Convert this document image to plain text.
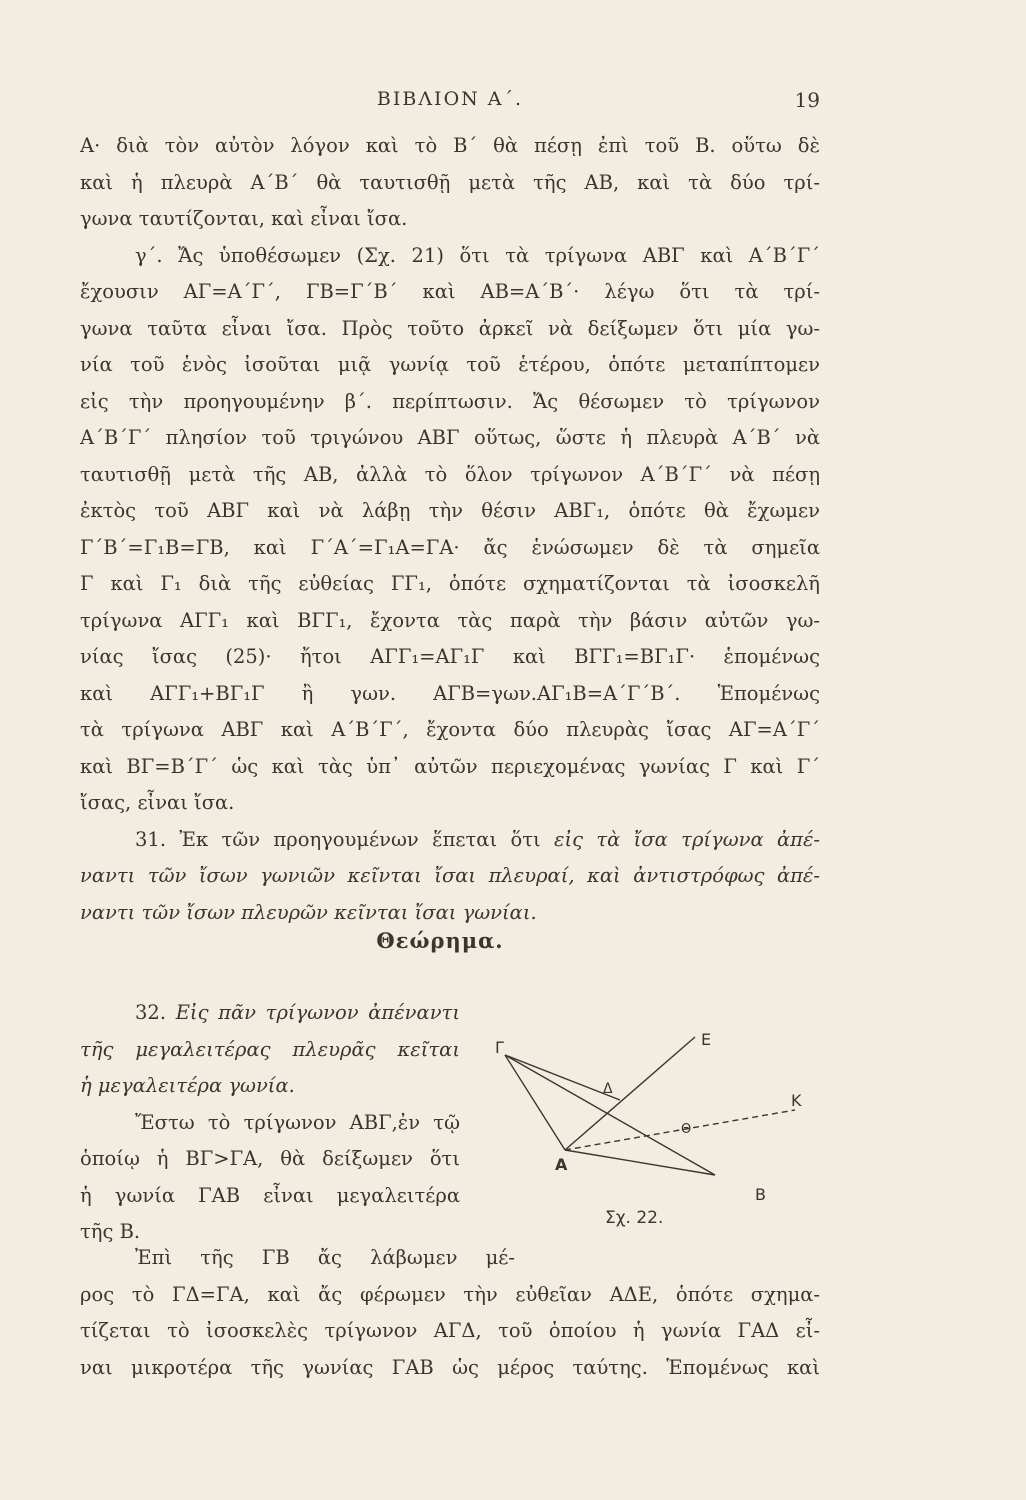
ΒΙΒΛΙΟΝ Α΄.	19
Α· διὰ τὸν αὐτὸν λόγον καὶ τὸ Β΄ θὰ πέσῃ ἐπὶ τοῦ Β. οὕτω δὲ
καὶ ἡ πλευρὰ Α΄Β΄ θὰ ταυτισθῇ μετὰ τῆς ΑΒ, καὶ τὰ δύο τρί-
γωνα ταυτίζονται, καὶ εἶναι ἴσα.
γ΄. Ἄς ὑποθέσωμεν (Σχ. 21) ὅτι τὰ τρίγωνα ΑΒΓ καὶ Α΄Β΄Γ΄
ἔχουσιν ΑΓ=Α΄Γ΄, ΓΒ=Γ΄Β΄ καὶ ΑΒ=Α΄Β΄· λέγω ὅτι τὰ τρί-
γωνα ταῦτα εἶναι ἴσα. Πρὸς τοῦτο ἀρκεῖ νὰ δείξωμεν ὅτι μία γω-
νία τοῦ ἑνὸς ἰσοῦται μιᾷ γωνίᾳ τοῦ ἑτέρου, ὁπότε μεταπίπτομεν
εἰς τὴν προηγουμένην β΄. περίπτωσιν. Ἄς θέσωμεν τὸ τρίγωνον
Α΄Β΄Γ΄ πλησίον τοῦ τριγώνου ΑΒΓ οὕτως, ὥστε ἡ πλευρὰ Α΄Β΄ νὰ
ταυτισθῇ μετὰ τῆς ΑΒ, ἀλλὰ τὸ ὅλον τρίγωνον Α΄Β΄Γ΄ νὰ πέσῃ
ἐκτὸς τοῦ ΑΒΓ καὶ νὰ λάβῃ τὴν θέσιν ΑΒΓ₁, ὁπότε θὰ ἔχωμεν
Γ΄Β΄=Γ₁Β=ΓΒ, καὶ Γ΄Α΄=Γ₁Α=ΓΑ· ἄς ἑνώσωμεν δὲ τὰ σημεῖα
Γ καὶ Γ₁ διὰ τῆς εὐθείας ΓΓ₁, ὁπότε σχηματίζονται τὰ ἰσοσκελῆ
τρίγωνα ΑΓΓ₁ καὶ ΒΓΓ₁, ἔχοντα τὰς παρὰ τὴν βάσιν αὐτῶν γω-
νίας ἴσας (25)· ἤτοι ΑΓΓ₁=ΑΓ₁Γ καὶ ΒΓΓ₁=ΒΓ₁Γ· ἑπομένως
καὶ ΑΓΓ₁+ΒΓ₁Γ ἢ γων. ΑΓΒ=γων.ΑΓ₁Β=Α΄Γ΄Β΄. Ἑπομένως
τὰ τρίγωνα ΑΒΓ καὶ Α΄Β΄Γ΄, ἔχοντα δύο πλευρὰς ἴσας ΑΓ=Α΄Γ΄
καὶ ΒΓ=Β΄Γ΄ ὡς καὶ τὰς ὑπ᾽ αὐτῶν περιεχομένας γωνίας Γ καὶ Γ΄
ἴσας, εἶναι ἴσα.
31. Ἐκ τῶν προηγουμένων ἕπεται ὅτι εἰς τὰ ἴσα τρίγωνα ἀπέ-
ναντι τῶν ἴσων γωνιῶν κεῖνται ἴσαι πλευραί, καὶ ἀντιστρόφως ἀπέ-
ναντι τῶν ἴσων πλευρῶν κεῖνται ἴσαι γωνίαι.
Θεώρημα.
32. Εἰς πᾶν τρίγωνον ἀπέναντι
τῆς μεγαλειτέρας πλευρᾶς κεῖται
ἡ μεγαλειτέρα γωνία.
Ἔστω τὸ τρίγωνον ΑΒΓ,ἐν τῷ
ὁποίῳ ἡ ΒΓ>ΓΑ, θὰ δείξωμεν ὅτι
ἡ γωνία ΓΑΒ εἶναι μεγαλειτέρα
τῆς Β.
Γ	Ε
Δ
Κ
Θ
Α
Β
Σχ. 22.
Ἐπὶ τῆς ΓΒ ἄς λάβωμεν μέ-
ρος τὸ ΓΔ=ΓΑ, καὶ ἄς φέρωμεν τὴν εὐθεῖαν ΑΔΕ, ὁπότε σχημα-
τίζεται τὸ ἰσοσκελὲς τρίγωνον ΑΓΔ, τοῦ ὁποίου ἡ γωνία ΓΑΔ εἶ-
ναι μικροτέρα τῆς γωνίας ΓΑΒ ὡς μέρος ταύτης. Ἑπομένως καὶ
